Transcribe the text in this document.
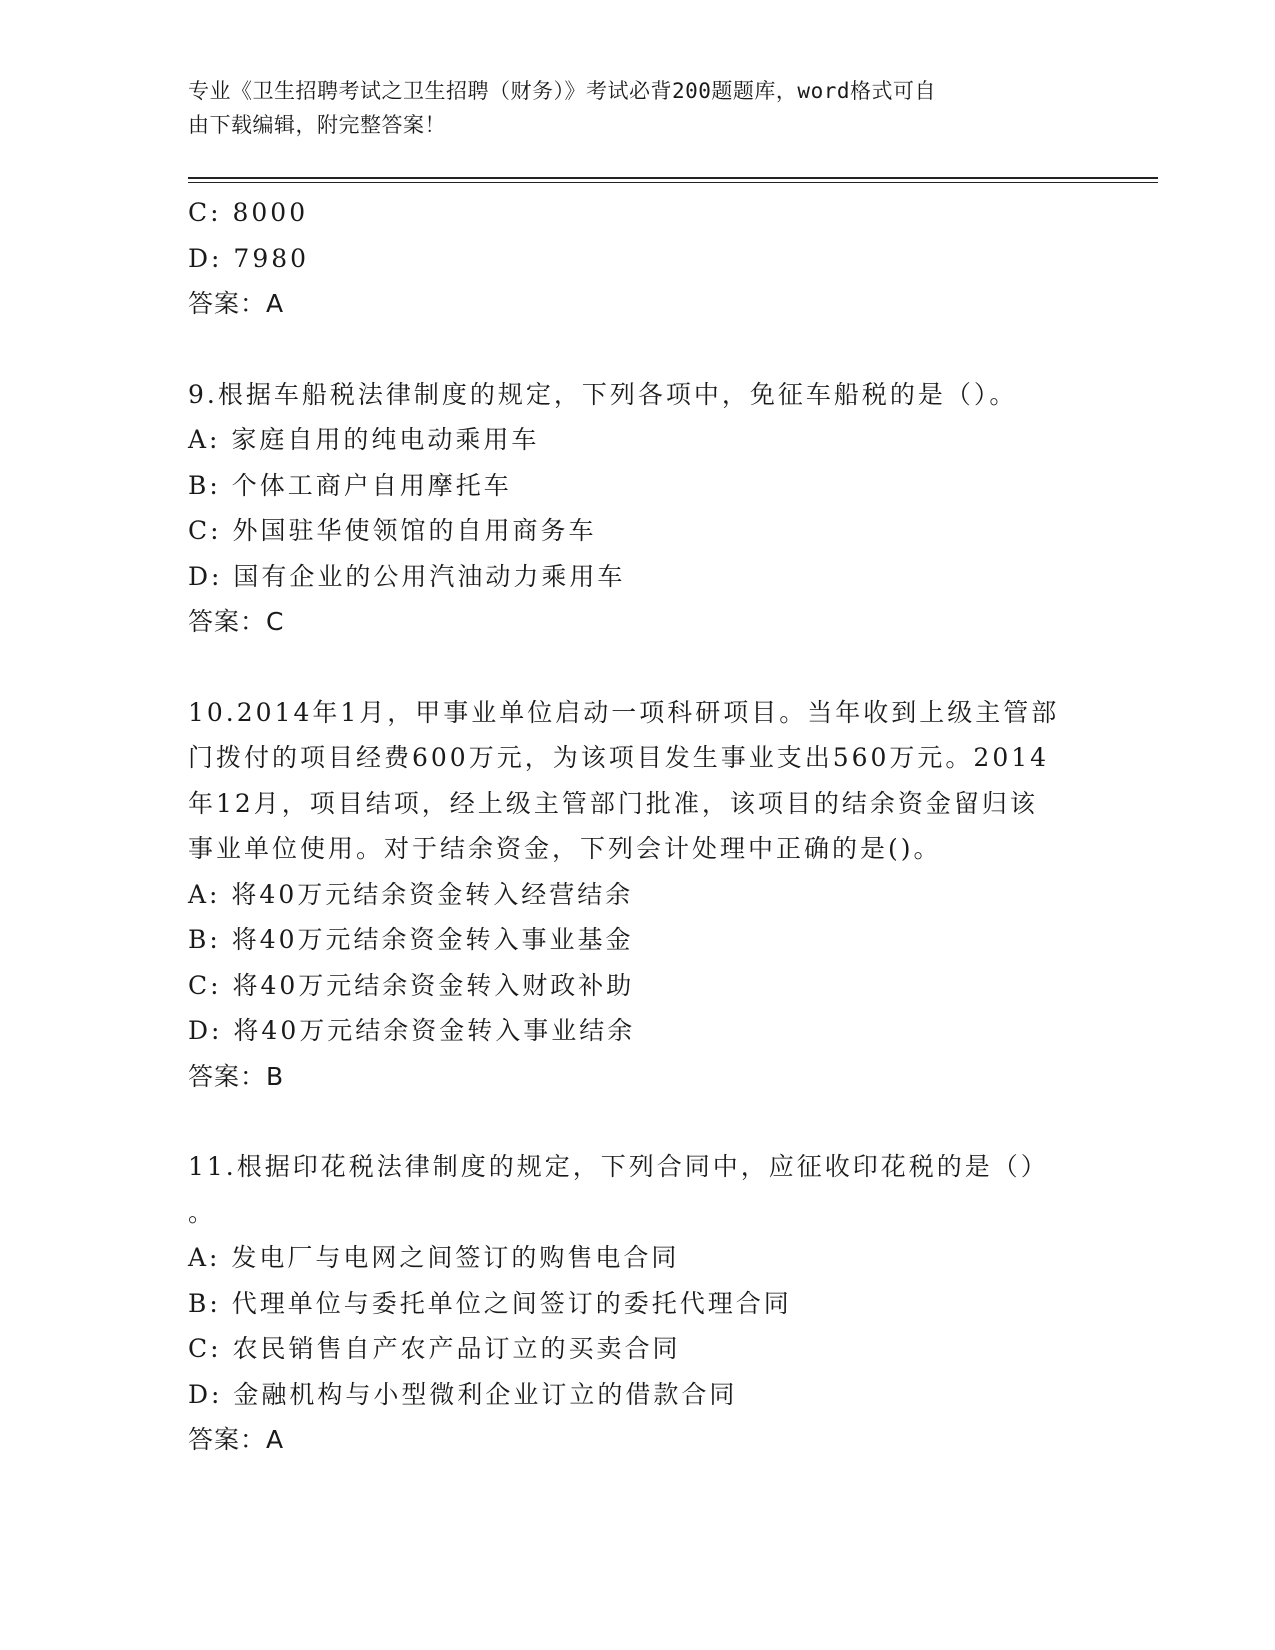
专业《卫生招聘考试之卫生招聘（财务）》考试必背200题题库，word格式可自
由下载编辑，附完整答案！
C: 8000
D: 7980
答案：A
9.根据车船税法律制度的规定，下列各项中，免征车船税的是（）。
A: 家庭自用的纯电动乘用车
B: 个体工商户自用摩托车
C: 外国驻华使领馆的自用商务车
D: 国有企业的公用汽油动力乘用车
答案：C
10.2014年1月，甲事业单位启动一项科研项目。当年收到上级主管部
门拨付的项目经费600万元，为该项目发生事业支出560万元。2014
年12月，项目结项，经上级主管部门批准，该项目的结余资金留归该
事业单位使用。对于结余资金，下列会计处理中正确的是()。
A: 将40万元结余资金转入经营结余
B: 将40万元结余资金转入事业基金
C: 将40万元结余资金转入财政补助
D: 将40万元结余资金转入事业结余
答案：B
11.根据印花税法律制度的规定，下列合同中，应征收印花税的是（）
。
A: 发电厂与电网之间签订的购售电合同
B: 代理单位与委托单位之间签订的委托代理合同
C: 农民销售自产农产品订立的买卖合同
D: 金融机构与小型微利企业订立的借款合同
答案：A
